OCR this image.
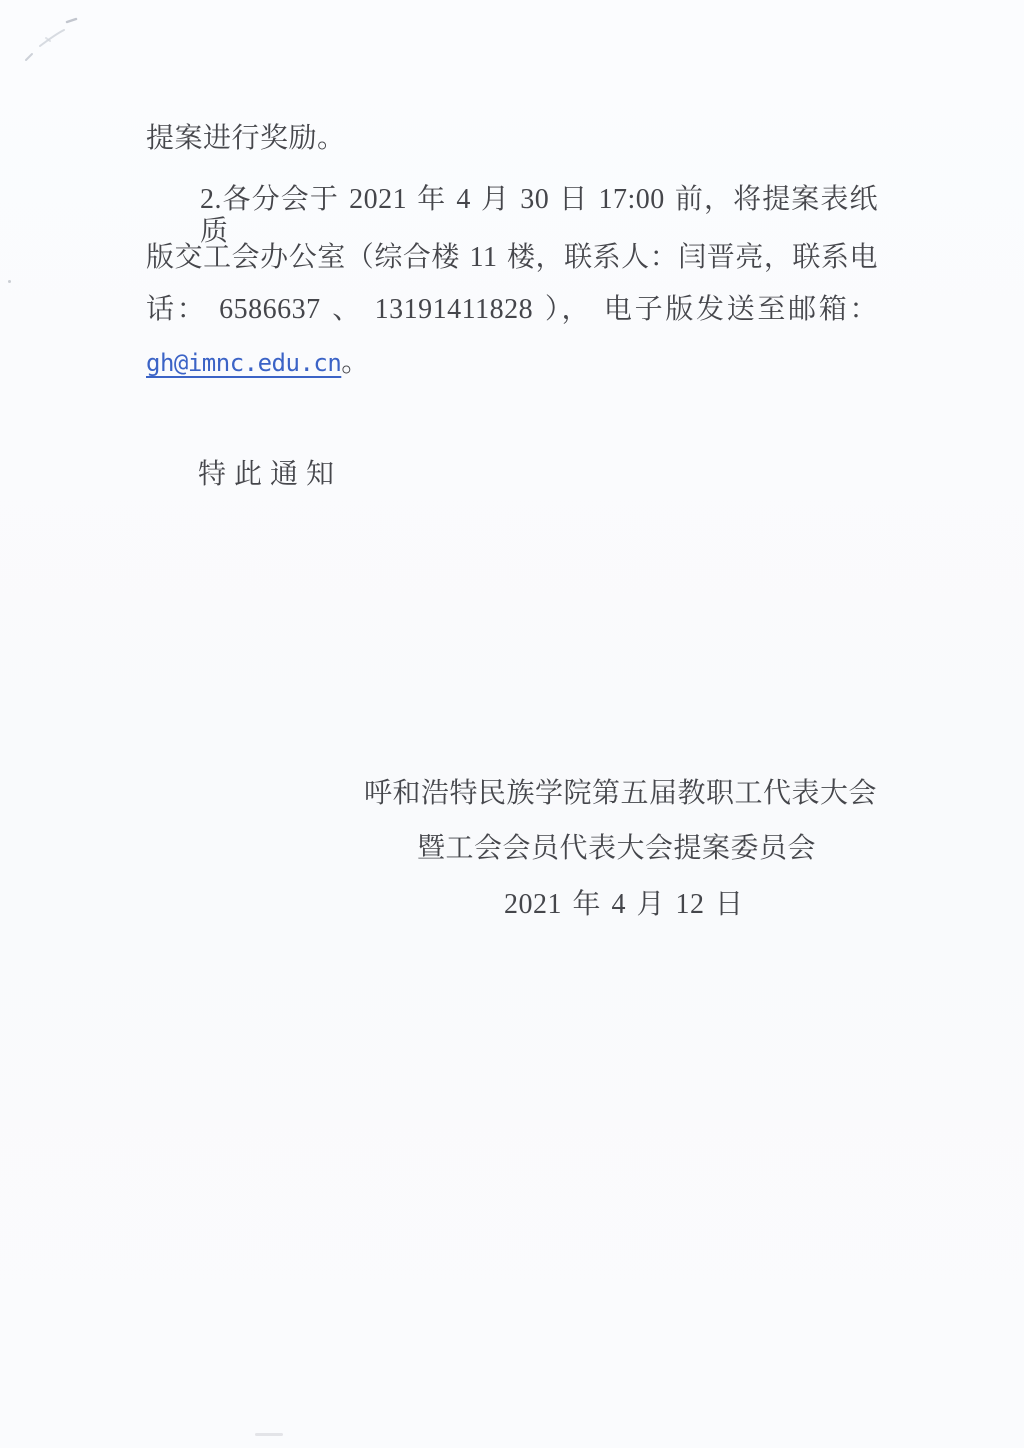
提案进行奖励。
2.各分会于 2021 年 4 月 30 日 17:00 前，将提案表纸质
版交工会办公室（综合楼 11 楼，联系人：闫晋亮，联系电
话： 6586637 、 13191411828 ）， 电子版发送至邮箱：
gh@imnc.edu.cn。
特此通知
呼和浩特民族学院第五届教职工代表大会
暨工会会员代表大会提案委员会
2021 年 4 月 12 日
